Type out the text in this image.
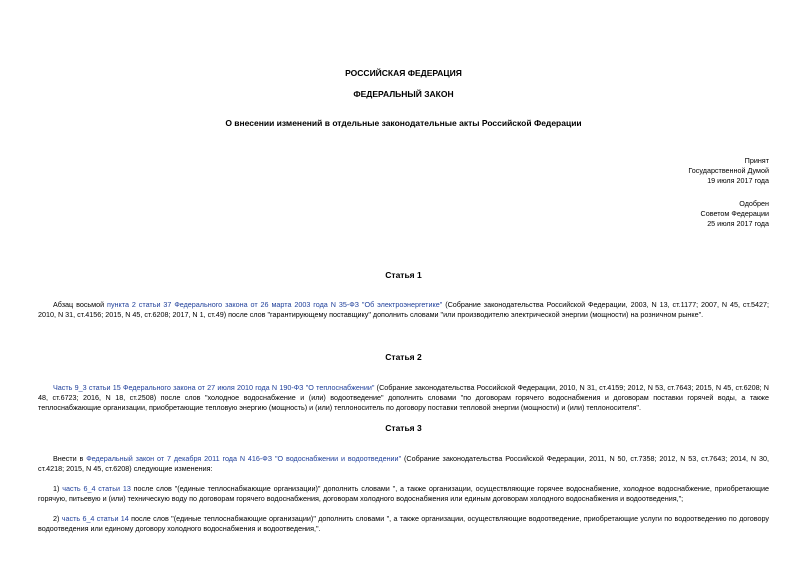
РОССИЙСКАЯ ФЕДЕРАЦИЯ
ФЕДЕРАЛЬНЫЙ ЗАКОН
О внесении изменений в отдельные законодательные акты Российской Федерации
Принят
Государственной Думой
19 июля 2017 года
Одобрен
Советом Федерации
25 июля 2017 года
Статья 1
Абзац восьмой пункта 2 статьи 37 Федерального закона от 26 марта 2003 года N 35-ФЗ "Об электроэнергетике" (Собрание законодательства Российской Федерации, 2003, N 13, ст.1177; 2007, N 45, ст.5427;
2010, N 31, ст.4156; 2015, N 45, ст.6208; 2017, N 1, ст.49) после слов "гарантирующему поставщику" дополнить словами "или производителю электрической энергии (мощности) на розничном рынке".
Статья 2
Часть 9_3 статьи 15 Федерального закона от 27 июля 2010 года N 190-ФЗ "О теплоснабжении" (Собрание законодательства Российской Федерации, 2010, N 31, ст.4159; 2012, N 53, ст.7643; 2015, N 45, ст.6208; N
48, ст.6723; 2016, N 18, ст.2508) после слов "холодное водоснабжение и (или) водоотведение" дополнить словами "по договорам горячего водоснабжения и договорам поставки горячей воды, а также
теплоснабжающие организации, приобретающие тепловую энергию (мощность) и (или) теплоноситель по договору поставки тепловой энергии (мощности) и (или) теплоносителя".
Статья 3
Внести в Федеральный закон от 7 декабря 2011 года N 416-ФЗ "О водоснабжении и водоотведении" (Собрание законодательства Российской Федерации, 2011, N 50, ст.7358; 2012, N 53, ст.7643; 2014, N 30,
ст.4218; 2015, N 45, ст.6208) следующие изменения:
1) часть 6_4 статьи 13 после слов "(единые теплоснабжающие организации)" дополнить словами ", а также организации, осуществляющие горячее водоснабжение, холодное водоснабжение, приобретающие
горячую, питьевую и (или) техническую воду по договорам горячего водоснабжения, договорам холодного водоснабжения или единым договорам холодного водоснабжения и водоотведения,";
2) часть 6_4 статьи 14 после слов "(единые теплоснабжающие организации)" дополнить словами ", а также организации, осуществляющие водоотведение, приобретающие услуги по водоотведению по договору
водоотведения или единому договору холодного водоснабжения и водоотведения,".
